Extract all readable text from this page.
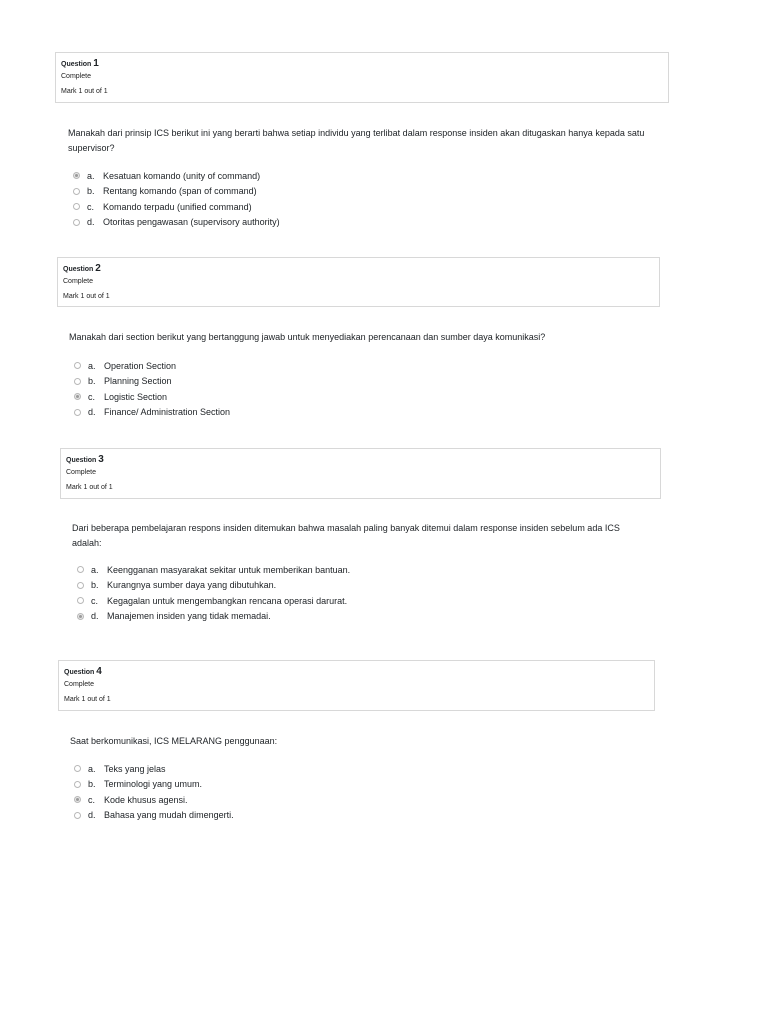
Question 1
Complete
Mark 1 out of 1
Manakah dari prinsip ICS berikut ini yang berarti bahwa setiap individu yang terlibat dalam response insiden akan ditugaskan hanya kepada satu supervisor?
a. Kesatuan komando (unity of command)
b. Rentang komando (span of command)
c. Komando terpadu (unified command)
d. Otoritas pengawasan (supervisory authority)
Question 2
Complete
Mark 1 out of 1
Manakah dari section berikut yang bertanggung jawab untuk menyediakan perencanaan dan sumber daya komunikasi?
a. Operation Section
b. Planning Section
c. Logistic Section
d. Finance/ Administration Section
Question 3
Complete
Mark 1 out of 1
Dari beberapa pembelajaran respons insiden ditemukan bahwa masalah paling banyak ditemui dalam response insiden sebelum ada ICS adalah:
a. Keengganan masyarakat sekitar untuk memberikan bantuan.
b. Kurangnya sumber daya yang dibutuhkan.
c. Kegagalan untuk mengembangkan rencana operasi darurat.
d. Manajemen insiden yang tidak memadai.
Question 4
Complete
Mark 1 out of 1
Saat berkomunikasi, ICS MELARANG penggunaan:
a. Teks yang jelas
b. Terminologi yang umum.
c. Kode khusus agensi.
d. Bahasa yang mudah dimengerti.
